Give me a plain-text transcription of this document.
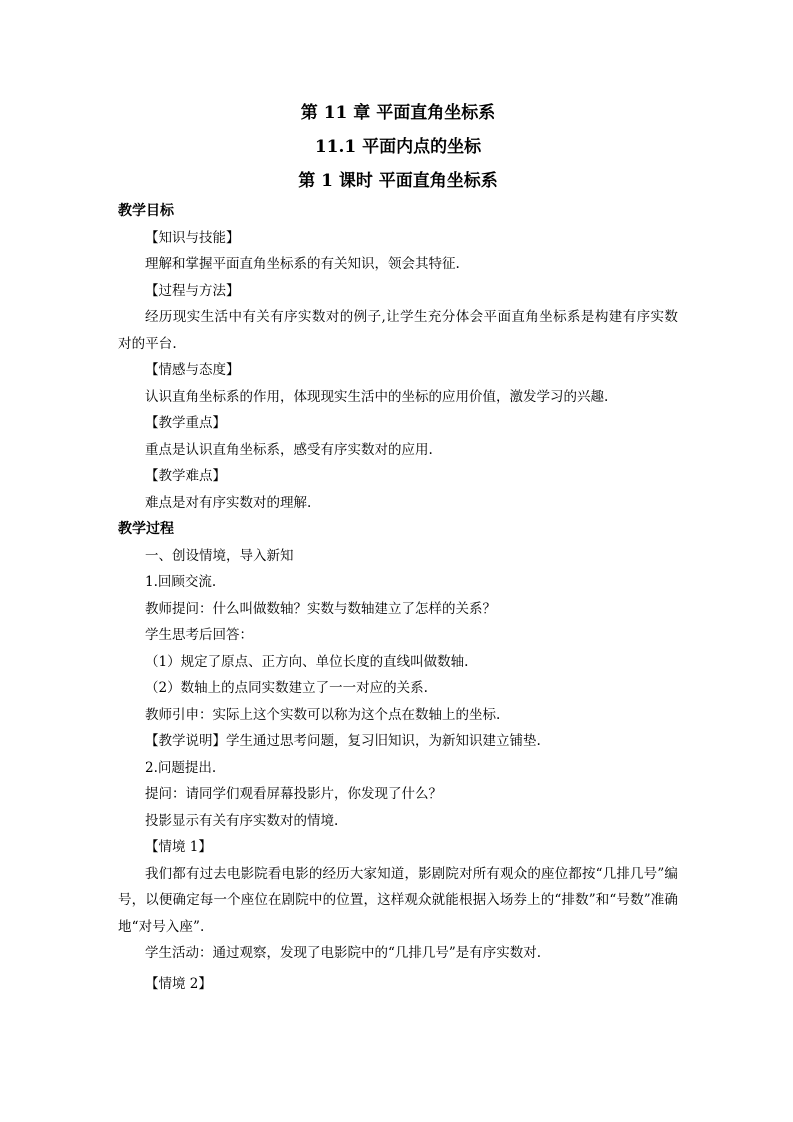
第 11 章 平面直角坐标系
11.1 平面内点的坐标
第 1 课时 平面直角坐标系
教学目标
【知识与技能】
理解和掌握平面直角坐标系的有关知识，领会其特征.
【过程与方法】
经历现实生活中有关有序实数对的例子,让学生充分体会平面直角坐标系是构建有序实数对的平台.
【情感与态度】
认识直角坐标系的作用，体现现实生活中的坐标的应用价值，激发学习的兴趣.
【教学重点】
重点是认识直角坐标系，感受有序实数对的应用.
【教学难点】
难点是对有序实数对的理解.
教学过程
一、创设情境，导入新知
1.回顾交流.
教师提问：什么叫做数轴？实数与数轴建立了怎样的关系？
学生思考后回答：
（1）规定了原点、正方向、单位长度的直线叫做数轴.
（2）数轴上的点同实数建立了一一对应的关系.
教师引申：实际上这个实数可以称为这个点在数轴上的坐标.
【教学说明】学生通过思考问题，复习旧知识，为新知识建立铺垫.
2.问题提出.
提问：请同学们观看屏幕投影片，你发现了什么？
投影显示有关有序实数对的情境.
【情境 1】
我们都有过去电影院看电影的经历大家知道，影剧院对所有观众的座位都按“几排几号”编号，以便确定每一个座位在剧院中的位置，这样观众就能根据入场券上的“排数”和“号数”准确地“对号入座”.
学生活动：通过观察，发现了电影院中的“几排几号”是有序实数对.
【情境 2】
